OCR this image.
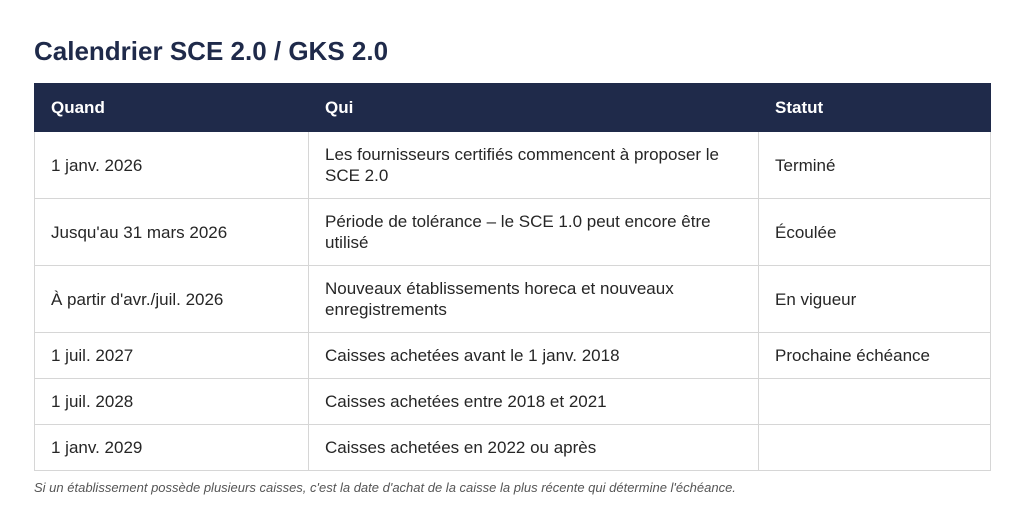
Calendrier SCE 2.0 / GKS 2.0
Quand	Qui	Statut
1 janv. 2026	Les fournisseurs certifiés commencent à proposer le SCE 2.0	Terminé
Jusqu'au 31 mars 2026	Période de tolérance – le SCE 1.0 peut encore être utilisé	Écoulée
À partir d'avr./juil. 2026	Nouveaux établissements horeca et nouveaux enregistrements	En vigueur
1 juil. 2027	Caisses achetées avant le 1 janv. 2018	Prochaine échéance
1 juil. 2028	Caisses achetées entre 2018 et 2021	
1 janv. 2029	Caisses achetées en 2022 ou après	
Si un établissement possède plusieurs caisses, c'est la date d'achat de la caisse la plus récente qui détermine l'échéance.
